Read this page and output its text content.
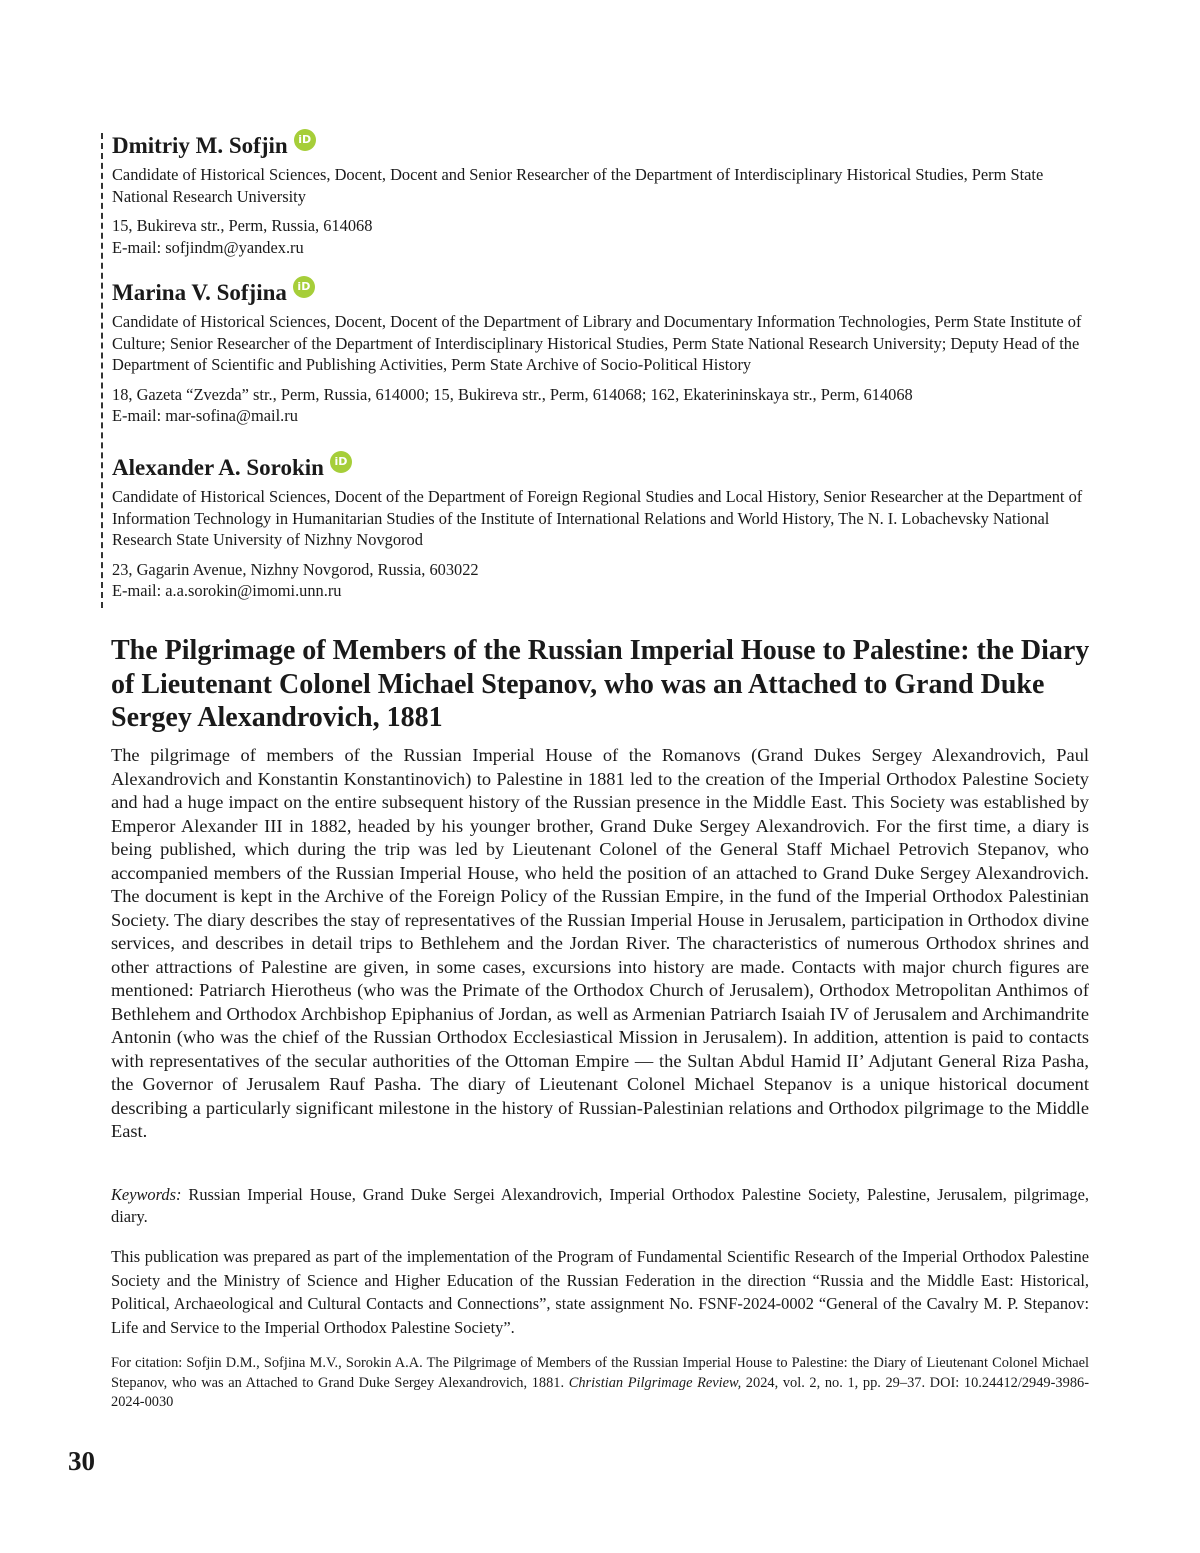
Dmitriy M. Sofjin iD

Candidate of Historical Sciences, Docent, Docent and Senior Researcher of the Department of Interdisciplinary Historical Studies, Perm State National Research University

15, Bukireva str., Perm, Russia, 614068
E-mail: sofjindm@yandex.ru

Marina V. Sofjina iD

Candidate of Historical Sciences, Docent, Docent of the Department of Library and Documentary Information Technologies, Perm State Institute of Culture; Senior Researcher of the Department of Interdisciplinary Historical Studies, Perm State National Research University; Deputy Head of the Department of Scientific and Publishing Activities, Perm State Archive of Socio-Political History

18, Gazeta “Zvezda” str., Perm, Russia, 614000; 15, Bukireva str., Perm, 614068; 162, Ekaterininskaya str., Perm, 614068
E-mail: mar-sofina@mail.ru

Alexander A. Sorokin iD

Candidate of Historical Sciences, Docent of the Department of Foreign Regional Studies and Local History, Senior Researcher at the Department of Information Technology in Humanitarian Studies of the Institute of International Relations and World History, The N. I. Lobachevsky National Research State University of Nizhny Novgorod

23, Gagarin Avenue, Nizhny Novgorod, Russia, 603022
E-mail: a.a.sorokin@imomi.unn.ru

The Pilgrimage of Members of the Russian Imperial House to Palestine: the Diary of Lieutenant Colonel Michael Stepanov, who was an Attached to Grand Duke Sergey Alexandrovich, 1881

The pilgrimage of members of the Russian Imperial House of the Romanovs (Grand Dukes Sergey Alexandrovich, Paul Alexandrovich and Konstantin Konstantinovich) to Palestine in 1881 led to the creation of the Imperial Orthodox Palestine Society and had a huge impact on the entire subsequent history of the Russian presence in the Middle East. This Society was established by Emperor Alexander III in 1882, headed by his younger brother, Grand Duke Sergey Alexandrovich. For the first time, a diary is being published, which during the trip was led by Lieutenant Colonel of the General Staff Michael Petrovich Stepanov, who accompanied members of the Russian Imperial House, who held the position of an attached to Grand Duke Sergey Alexandrovich. The document is kept in the Archive of the Foreign Policy of the Russian Empire, in the fund of the Imperial Orthodox Palestinian Society. The diary describes the stay of representatives of the Russian Imperial House in Jerusalem, participation in Orthodox divine services, and describes in detail trips to Bethlehem and the Jordan River. The characteristics of numerous Orthodox shrines and other attractions of Palestine are given, in some cases, excursions into history are made. Contacts with major church figures are mentioned: Patriarch Hierotheus (who was the Primate of the Orthodox Church of Jerusalem), Orthodox Metropolitan Anthimos of Bethlehem and Orthodox Archbishop Epiphanius of Jordan, as well as Armenian Patriarch Isaiah IV of Jerusalem and Archimandrite Antonin (who was the chief of the Russian Orthodox Ecclesiastical Mission in Jerusalem). In addition, attention is paid to contacts with representatives of the secular authorities of the Ottoman Empire — the Sultan Abdul Hamid II’ Adjutant General Riza Pasha, the Governor of Jerusalem Rauf Pasha. The diary of Lieutenant Colonel Michael Stepanov is a unique historical document describing a particularly significant milestone in the history of Russian-Palestinian relations and Orthodox pilgrimage to the Middle East.

Keywords: Russian Imperial House, Grand Duke Sergei Alexandrovich, Imperial Orthodox Palestine Society, Palestine, Jerusalem, pilgrimage, diary.

This publication was prepared as part of the implementation of the Program of Fundamental Scientific Research of the Imperial Orthodox Palestine Society and the Ministry of Science and Higher Education of the Russian Federation in the direction “Russia and the Middle East: Historical, Political, Archaeological and Cultural Contacts and Connections”, state assignment No. FSNF-2024-0002 “General of the Cavalry M. P. Stepanov: Life and Service to the Imperial Orthodox Palestine Society”.

For citation: Sofjin D.M., Sofjina M.V., Sorokin A.A. The Pilgrimage of Members of the Russian Imperial House to Palestine: the Diary of Lieutenant Colonel Michael Stepanov, who was an Attached to Grand Duke Sergey Alexandrovich, 1881. Christian Pilgrimage Review, 2024, vol. 2, no. 1, pp. 29–37. DOI: 10.24412/2949-3986-2024-0030

30
